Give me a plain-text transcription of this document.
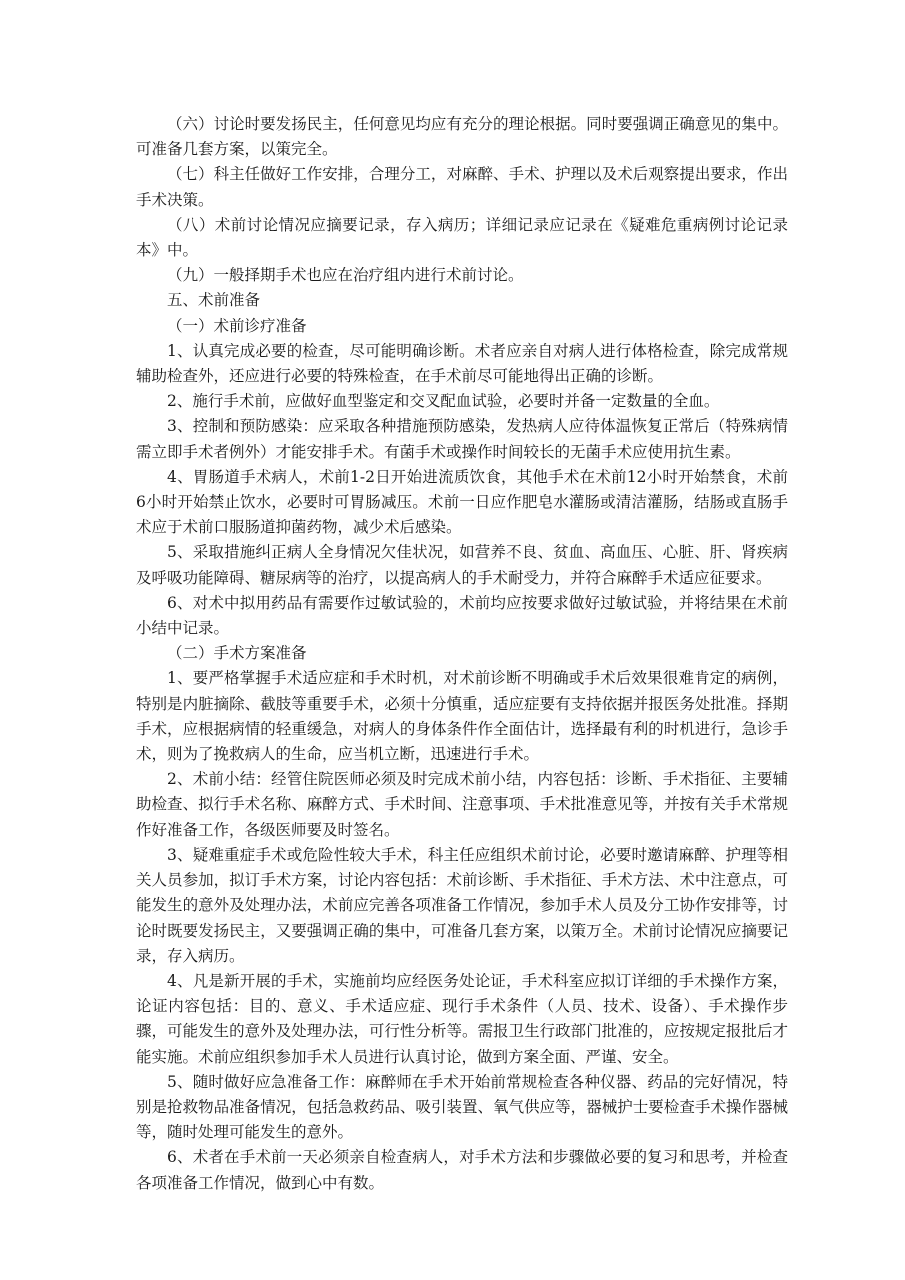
（六）讨论时要发扬民主，任何意见均应有充分的理论根据。同时要强调正确意见的集中。可准备几套方案，以策完全。

（七）科主任做好工作安排，合理分工，对麻醉、手术、护理以及术后观察提出要求，作出手术决策。

（八）术前讨论情况应摘要记录，存入病历；详细记录应记录在《疑难危重病例讨论记录本》中。

（九）一般择期手术也应在治疗组内进行术前讨论。

五、术前准备

（一）术前诊疗准备

1、认真完成必要的检查，尽可能明确诊断。术者应亲自对病人进行体格检查，除完成常规辅助检查外，还应进行必要的特殊检查，在手术前尽可能地得出正确的诊断。

2、施行手术前，应做好血型鉴定和交叉配血试验，必要时并备一定数量的全血。

3、控制和预防感染：应采取各种措施预防感染，发热病人应待体温恢复正常后（特殊病情需立即手术者例外）才能安排手术。有菌手术或操作时间较长的无菌手术应使用抗生素。

4、胃肠道手术病人，术前1-2日开始进流质饮食，其他手术在术前12小时开始禁食，术前6小时开始禁止饮水，必要时可胃肠减压。术前一日应作肥皂水灌肠或清洁灌肠，结肠或直肠手术应于术前口服肠道抑菌药物，减少术后感染。

5、采取措施纠正病人全身情况欠佳状况，如营养不良、贫血、高血压、心脏、肝、肾疾病及呼吸功能障碍、糖尿病等的治疗，以提高病人的手术耐受力，并符合麻醉手术适应征要求。

6、对术中拟用药品有需要作过敏试验的，术前均应按要求做好过敏试验，并将结果在术前小结中记录。

（二）手术方案准备

1、要严格掌握手术适应症和手术时机，对术前诊断不明确或手术后效果很难肯定的病例，特别是内脏摘除、截肢等重要手术，必须十分慎重，适应症要有支持依据并报医务处批准。择期手术，应根据病情的轻重缓急，对病人的身体条件作全面估计，选择最有利的时机进行，急诊手术，则为了挽救病人的生命，应当机立断，迅速进行手术。

2、术前小结：经管住院医师必须及时完成术前小结，内容包括：诊断、手术指征、主要辅助检查、拟行手术名称、麻醉方式、手术时间、注意事项、手术批准意见等，并按有关手术常规作好准备工作，各级医师要及时签名。

3、疑难重症手术或危险性较大手术，科主任应组织术前讨论，必要时邀请麻醉、护理等相关人员参加，拟订手术方案，讨论内容包括：术前诊断、手术指征、手术方法、术中注意点，可能发生的意外及处理办法，术前应完善各项准备工作情况，参加手术人员及分工协作安排等，讨论时既要发扬民主，又要强调正确的集中，可准备几套方案，以策万全。术前讨论情况应摘要记录，存入病历。

4、凡是新开展的手术，实施前均应经医务处论证，手术科室应拟订详细的手术操作方案，论证内容包括：目的、意义、手术适应症、现行手术条件（人员、技术、设备）、手术操作步骤，可能发生的意外及处理办法，可行性分析等。需报卫生行政部门批准的，应按规定报批后才能实施。术前应组织参加手术人员进行认真讨论，做到方案全面、严谨、安全。

5、随时做好应急准备工作：麻醉师在手术开始前常规检查各种仪器、药品的完好情况，特别是抢救物品准备情况，包括急救药品、吸引装置、氧气供应等，器械护士要检查手术操作器械等，随时处理可能发生的意外。

6、术者在手术前一天必须亲自检查病人，对手术方法和步骤做必要的复习和思考，并检查各项准备工作情况，做到心中有数。
